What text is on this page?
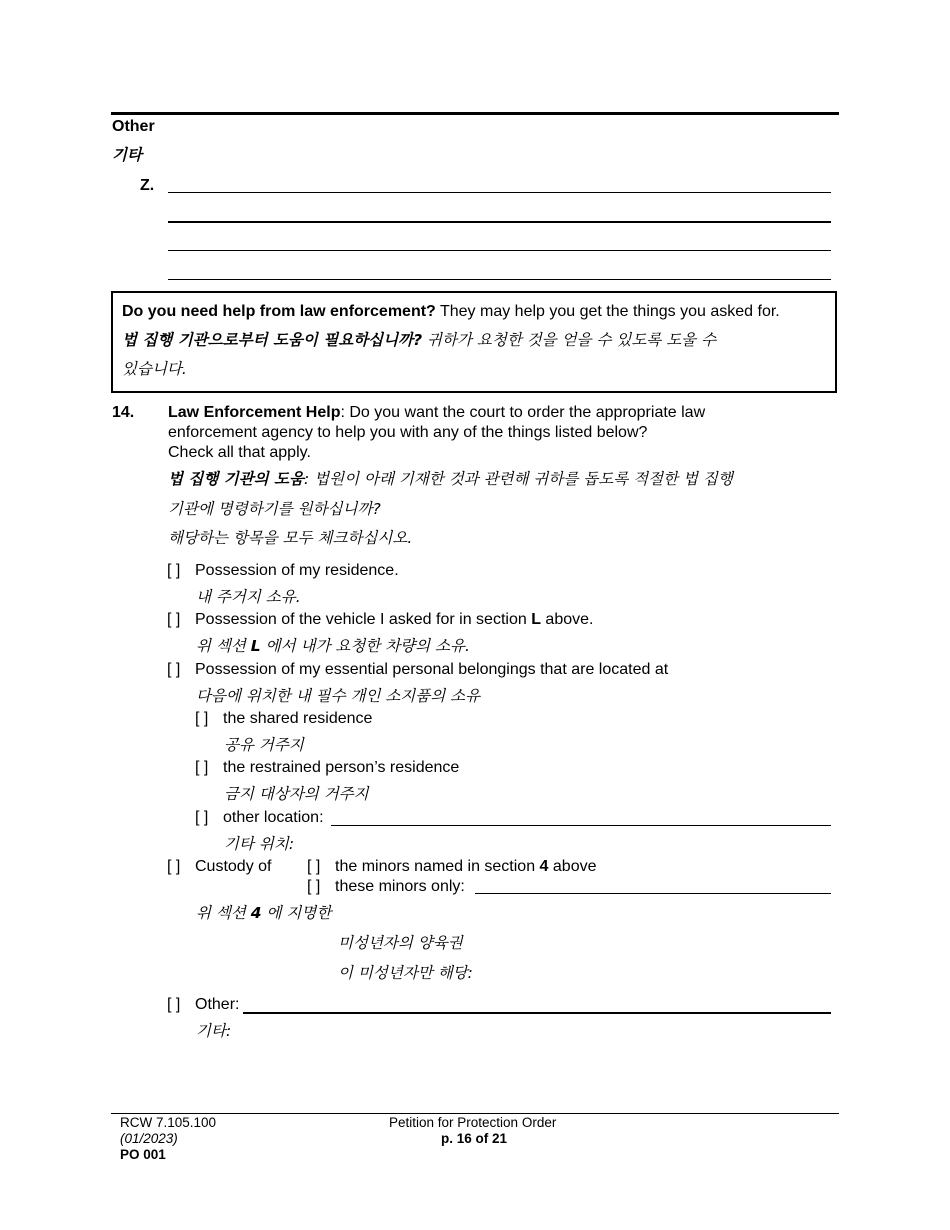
Other
기타
Z.
Do you need help from law enforcement? They may help you get the things you asked for.
법 집행 기관으로부터 도움이 필요하십니까? 귀하가 요청한 것을 얻을 수 있도록 도울 수
있습니다.
14. Law Enforcement Help: Do you want the court to order the appropriate law
enforcement agency to help you with any of the things listed below?
Check all that apply.
법 집행 기관의 도움: 법원이 아래 기재한 것과 관련해 귀하를 돕도록 적절한 법 집행
기관에 명령하기를 원하십니까?
해당하는 항목을 모두 체크하십시오.
[ ] Possession of my residence.
내 주거지 소유.
[ ] Possession of the vehicle I asked for in section L above.
위 섹션 L 에서 내가 요청한 차량의 소유.
[ ] Possession of my essential personal belongings that are located at
다음에 위치한 내 필수 개인 소지품의 소유
[ ] the shared residence
공유 거주지
[ ] the restrained person’s residence
금지 대상자의 거주지
[ ] other location:
기타 위치:
[ ] Custody of [ ] the minors named in section 4 above
[ ] these minors only:
위 섹션 4 에 지명한
미성년자의 양육권
이 미성년자만 해당:
[ ] Other:
기타:
RCW 7.105.100
(01/2023)
PO 001
Petition for Protection Order
p. 16 of 21
